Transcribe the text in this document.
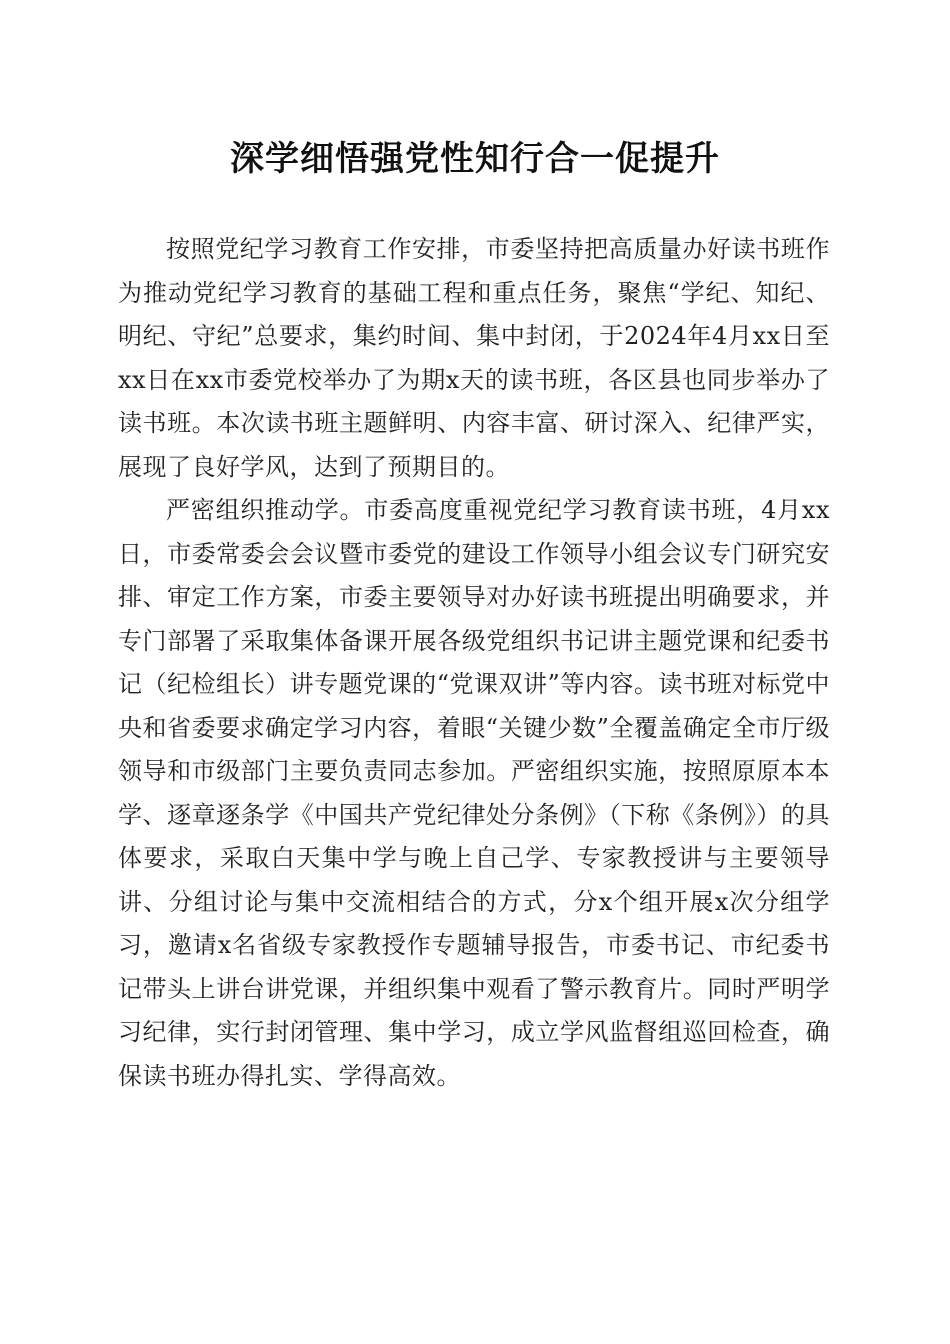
深学细悟强党性知行合一促提升

按照党纪学习教育工作安排，市委坚持把高质量办好读书班作为推动党纪学习教育的基础工程和重点任务，聚焦“学纪、知纪、明纪、守纪”总要求，集约时间、集中封闭，于2024年4月xx日至xx日在xx市委党校举办了为期x天的读书班，各区县也同步举办了读书班。本次读书班主题鲜明、内容丰富、研讨深入、纪律严实，展现了良好学风，达到了预期目的。

严密组织推动学。市委高度重视党纪学习教育读书班，4月xx日，市委常委会会议暨市委党的建设工作领导小组会议专门研究安排、审定工作方案，市委主要领导对办好读书班提出明确要求，并专门部署了采取集体备课开展各级党组织书记讲主题党课和纪委书记（纪检组长）讲专题党课的“党课双讲”等内容。读书班对标党中央和省委要求确定学习内容，着眼“关键少数”全覆盖确定全市厅级领导和市级部门主要负责同志参加。严密组织实施，按照原原本本学、逐章逐条学《中国共产党纪律处分条例》（下称《条例》）的具体要求，采取白天集中学与晚上自己学、专家教授讲与主要领导讲、分组讨论与集中交流相结合的方式，分x个组开展x次分组学习，邀请x名省级专家教授作专题辅导报告，市委书记、市纪委书记带头上讲台讲党课，并组织集中观看了警示教育片。同时严明学习纪律，实行封闭管理、集中学习，成立学风监督组巡回检查，确保读书班办得扎实、学得高效。
